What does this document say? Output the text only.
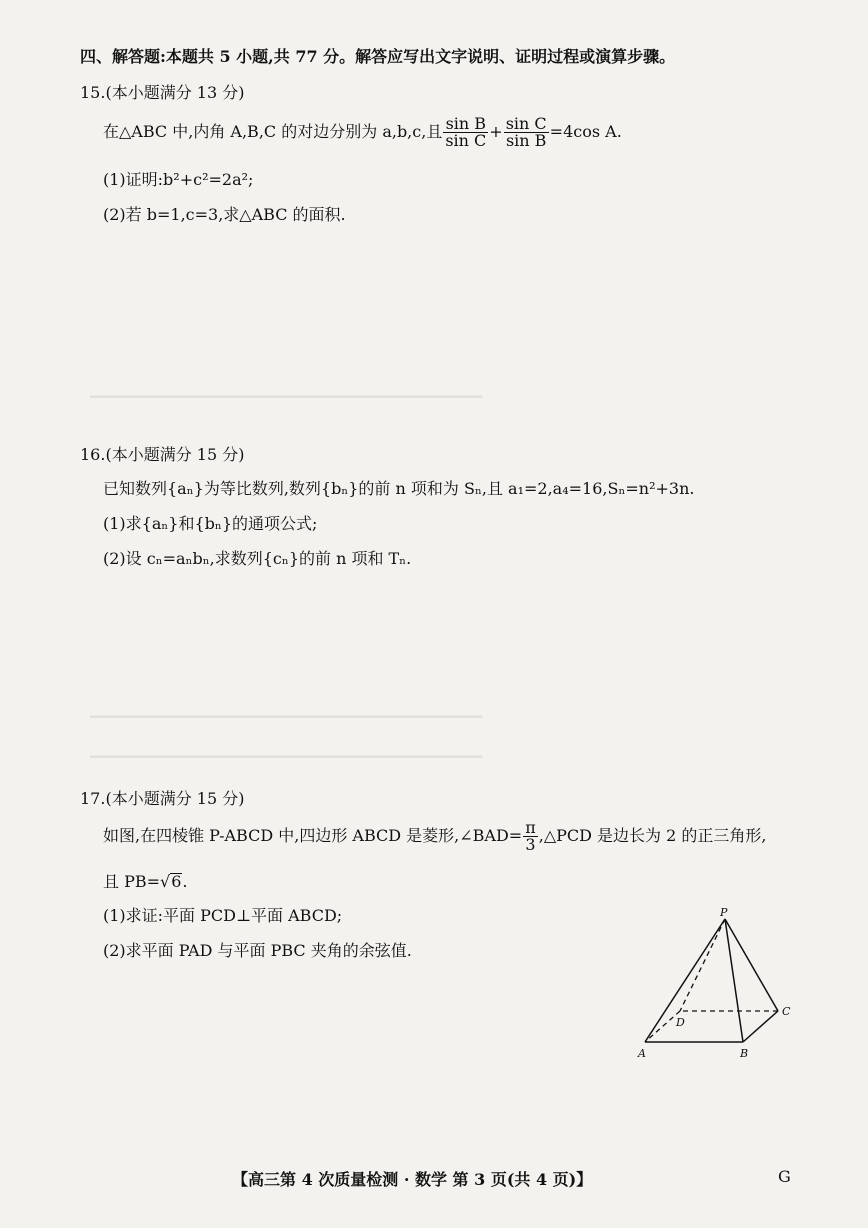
▁▁▁▁▁▁▁▁▁▁▁▁▁▁▁▁▁▁▁▁▁▁▁▁▁▁▁▁▁▁▁▁▁▁
▁▁▁▁▁▁▁▁▁▁▁▁▁▁▁▁▁▁▁▁▁▁▁▁▁▁▁▁▁▁▁▁▁▁
▁▁▁▁▁▁▁▁▁▁▁▁▁▁▁▁▁▁▁▁▁▁▁▁▁▁▁▁▁▁▁▁▁▁
四、解答题:本题共 5 小题,共 77 分。解答应写出文字说明、证明过程或演算步骤。
15.(本小题满分 13 分)
在△ABC 中,内角 A,B,C 的对边分别为 a,b,c,且 $\frac{\text{sin B}}{\text{sin C}} + \frac{\text{sin C}}{\text{sin B}} =4\cos$ A.
(1)证明:b²+c²=2a²;
(2)若 b=1,c=3,求△ABC 的面积.
16.(本小题满分 15 分)
已知数列{aₙ}为等比数列,数列{bₙ}的前 n 项和为 Sₙ,且 a₁=2,a₄=16,Sₙ=n²+3n.
(1)求{aₙ}和{bₙ}的通项公式;
(2)设 cₙ=aₙbₙ,求数列{cₙ}的前 n 项和 Tₙ.
17.(本小题满分 15 分)
如图,在四棱锥 P-ABCD 中,四边形 ABCD 是菱形,∠BAD= $\frac{\pi}{3}$ ,△PCD 是边长为 2 的正三角形,
且 PB=√6.
(1)求证:平面 PCD⊥平面 ABCD;
(2)求平面 PAD 与平面 PBC 夹角的余弦值.
P
A	B
C
D
【高三第 4 次质量检测 · 数学 第 3 页(共 4 页)】	G
